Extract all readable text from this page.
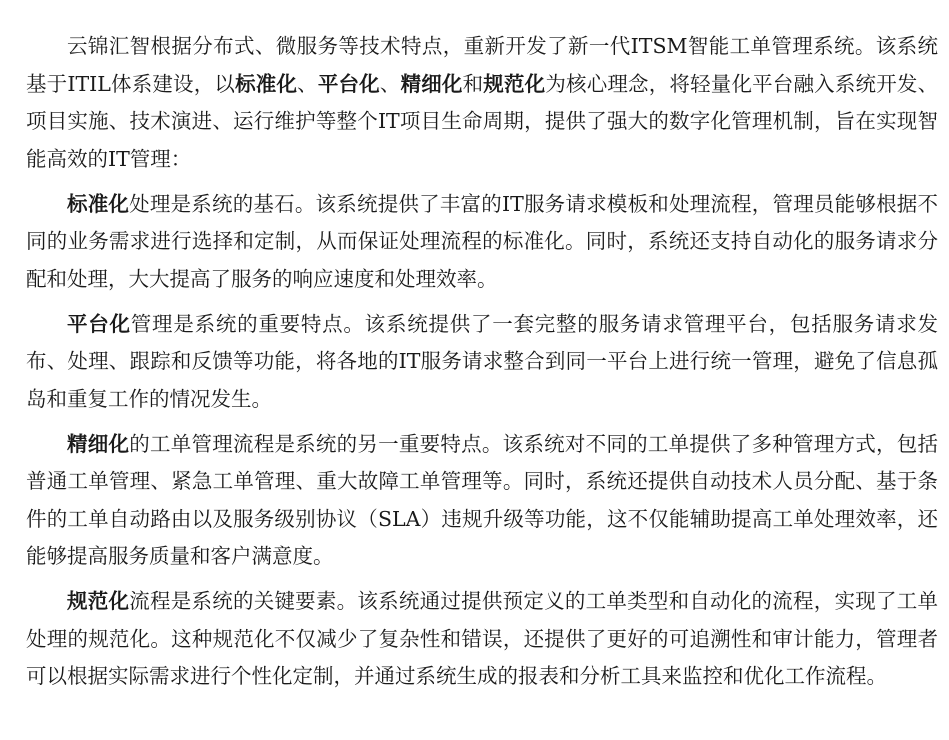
云锦汇智根据分布式、微服务等技术特点，重新开发了新一代ITSM智能工单管理系统。该系统基于ITIL体系建设，以标准化、平台化、精细化和规范化为核心理念，将轻量化平台融入系统开发、项目实施、技术演进、运行维护等整个IT项目生命周期，提供了强大的数字化管理机制，旨在实现智能高效的IT管理：

标准化处理是系统的基石。该系统提供了丰富的IT服务请求模板和处理流程，管理员能够根据不同的业务需求进行选择和定制，从而保证处理流程的标准化。同时，系统还支持自动化的服务请求分配和处理，大大提高了服务的响应速度和处理效率。

平台化管理是系统的重要特点。该系统提供了一套完整的服务请求管理平台，包括服务请求发布、处理、跟踪和反馈等功能，将各地的IT服务请求整合到同一平台上进行统一管理，避免了信息孤岛和重复工作的情况发生。

精细化的工单管理流程是系统的另一重要特点。该系统对不同的工单提供了多种管理方式，包括普通工单管理、紧急工单管理、重大故障工单管理等。同时，系统还提供自动技术人员分配、基于条件的工单自动路由以及服务级别协议（SLA）违规升级等功能，这不仅能辅助提高工单处理效率，还能够提高服务质量和客户满意度。

规范化流程是系统的关键要素。该系统通过提供预定义的工单类型和自动化的流程，实现了工单处理的规范化。这种规范化不仅减少了复杂性和错误，还提供了更好的可追溯性和审计能力，管理者可以根据实际需求进行个性化定制，并通过系统生成的报表和分析工具来监控和优化工作流程。
